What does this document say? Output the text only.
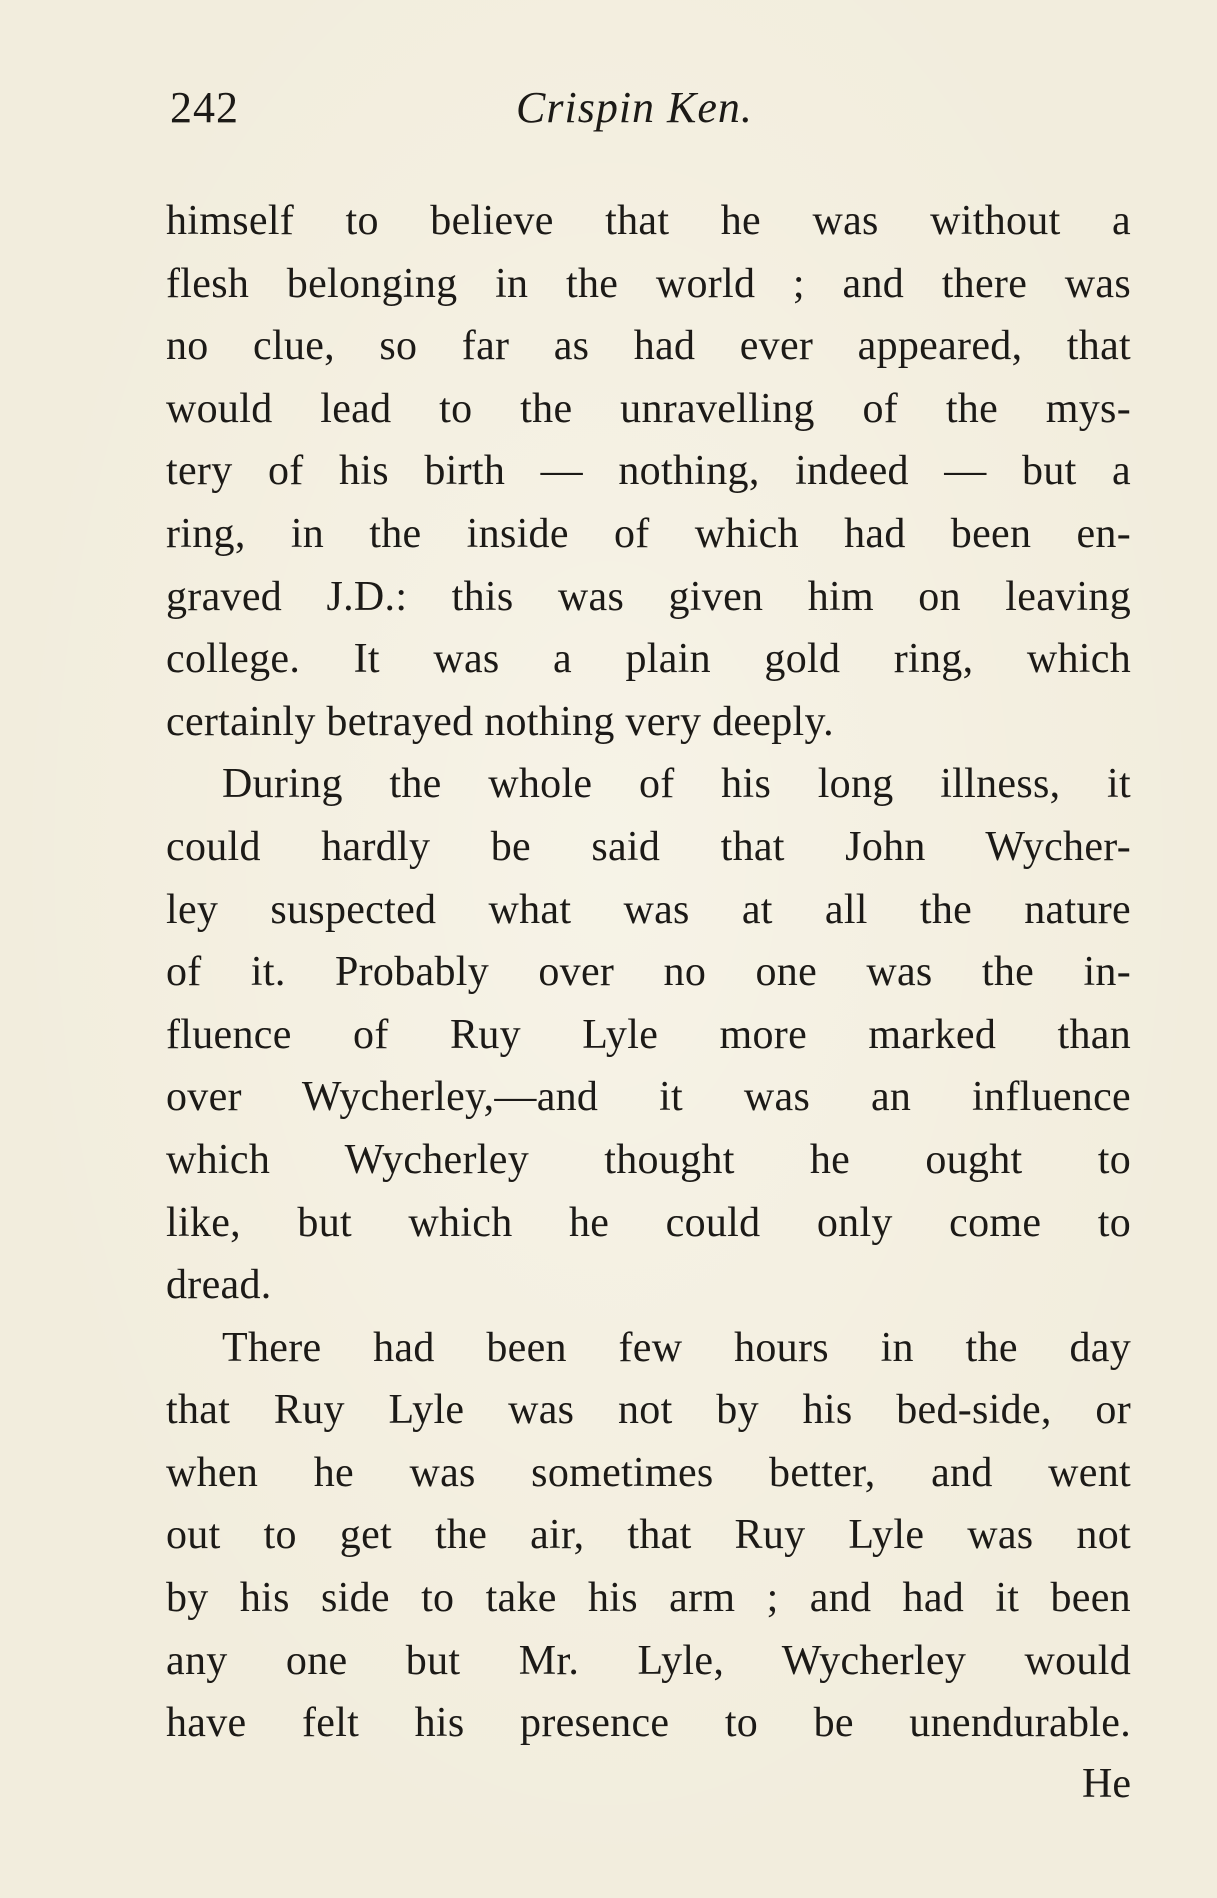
242	Crispin Ken.
himself to believe that he was without a
flesh belonging in the world ; and there was
no clue, so far as had ever appeared, that
would lead to the unravelling of the mys-
tery of his birth — nothing, indeed — but a
ring, in the inside of which had been en-
graved J.D.: this was given him on leaving
college. It was a plain gold ring, which
certainly betrayed nothing very deeply.
During the whole of his long illness, it
could hardly be said that John Wycher-
ley suspected what was at all the nature
of it. Probably over no one was the in-
fluence of Ruy Lyle more marked than
over Wycherley,—and it was an influence
which Wycherley thought he ought to
like, but which he could only come to
dread.
There had been few hours in the day
that Ruy Lyle was not by his bed-side, or
when he was sometimes better, and went
out to get the air, that Ruy Lyle was not
by his side to take his arm ; and had it been
any one but Mr. Lyle, Wycherley would
have felt his presence to be unendurable.
He
